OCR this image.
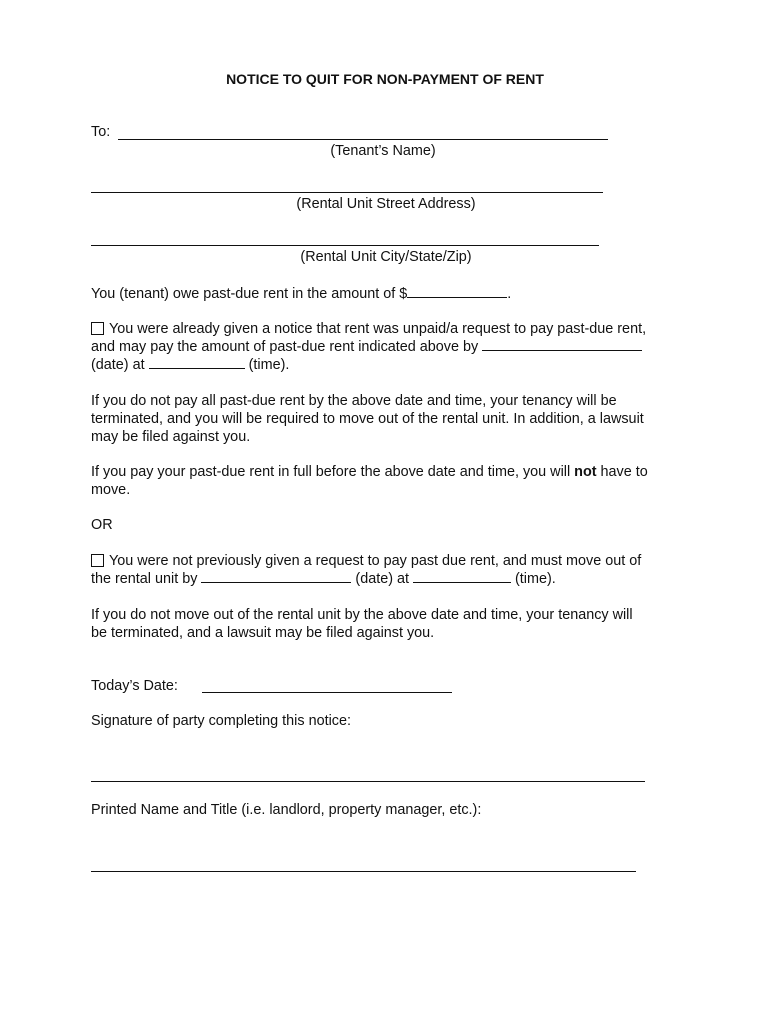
NOTICE TO QUIT FOR NON-PAYMENT OF RENT
To:
(Tenant’s Name)
(Rental Unit Street Address)
(Rental Unit City/State/Zip)
You (tenant) owe past-due rent in the amount of $	.
You were already given a notice that rent was unpaid/a request to pay past-due rent,
and may pay the amount of past-due rent indicated above by
(date) at	(time).
If you do not pay all past-due rent by the above date and time, your tenancy will be
terminated, and you will be required to move out of the rental unit. In addition, a lawsuit
may be filed against you.
If you pay your past-due rent in full before the above date and time, you will not have to
move.
OR
You were not previously given a request to pay past due rent, and must move out of
the rental unit by	(date) at	(time).
If you do not move out of the rental unit by the above date and time, your tenancy will
be terminated, and a lawsuit may be filed against you.
Today’s Date:
Signature of party completing this notice:
Printed Name and Title (i.e. landlord, property manager, etc.):
